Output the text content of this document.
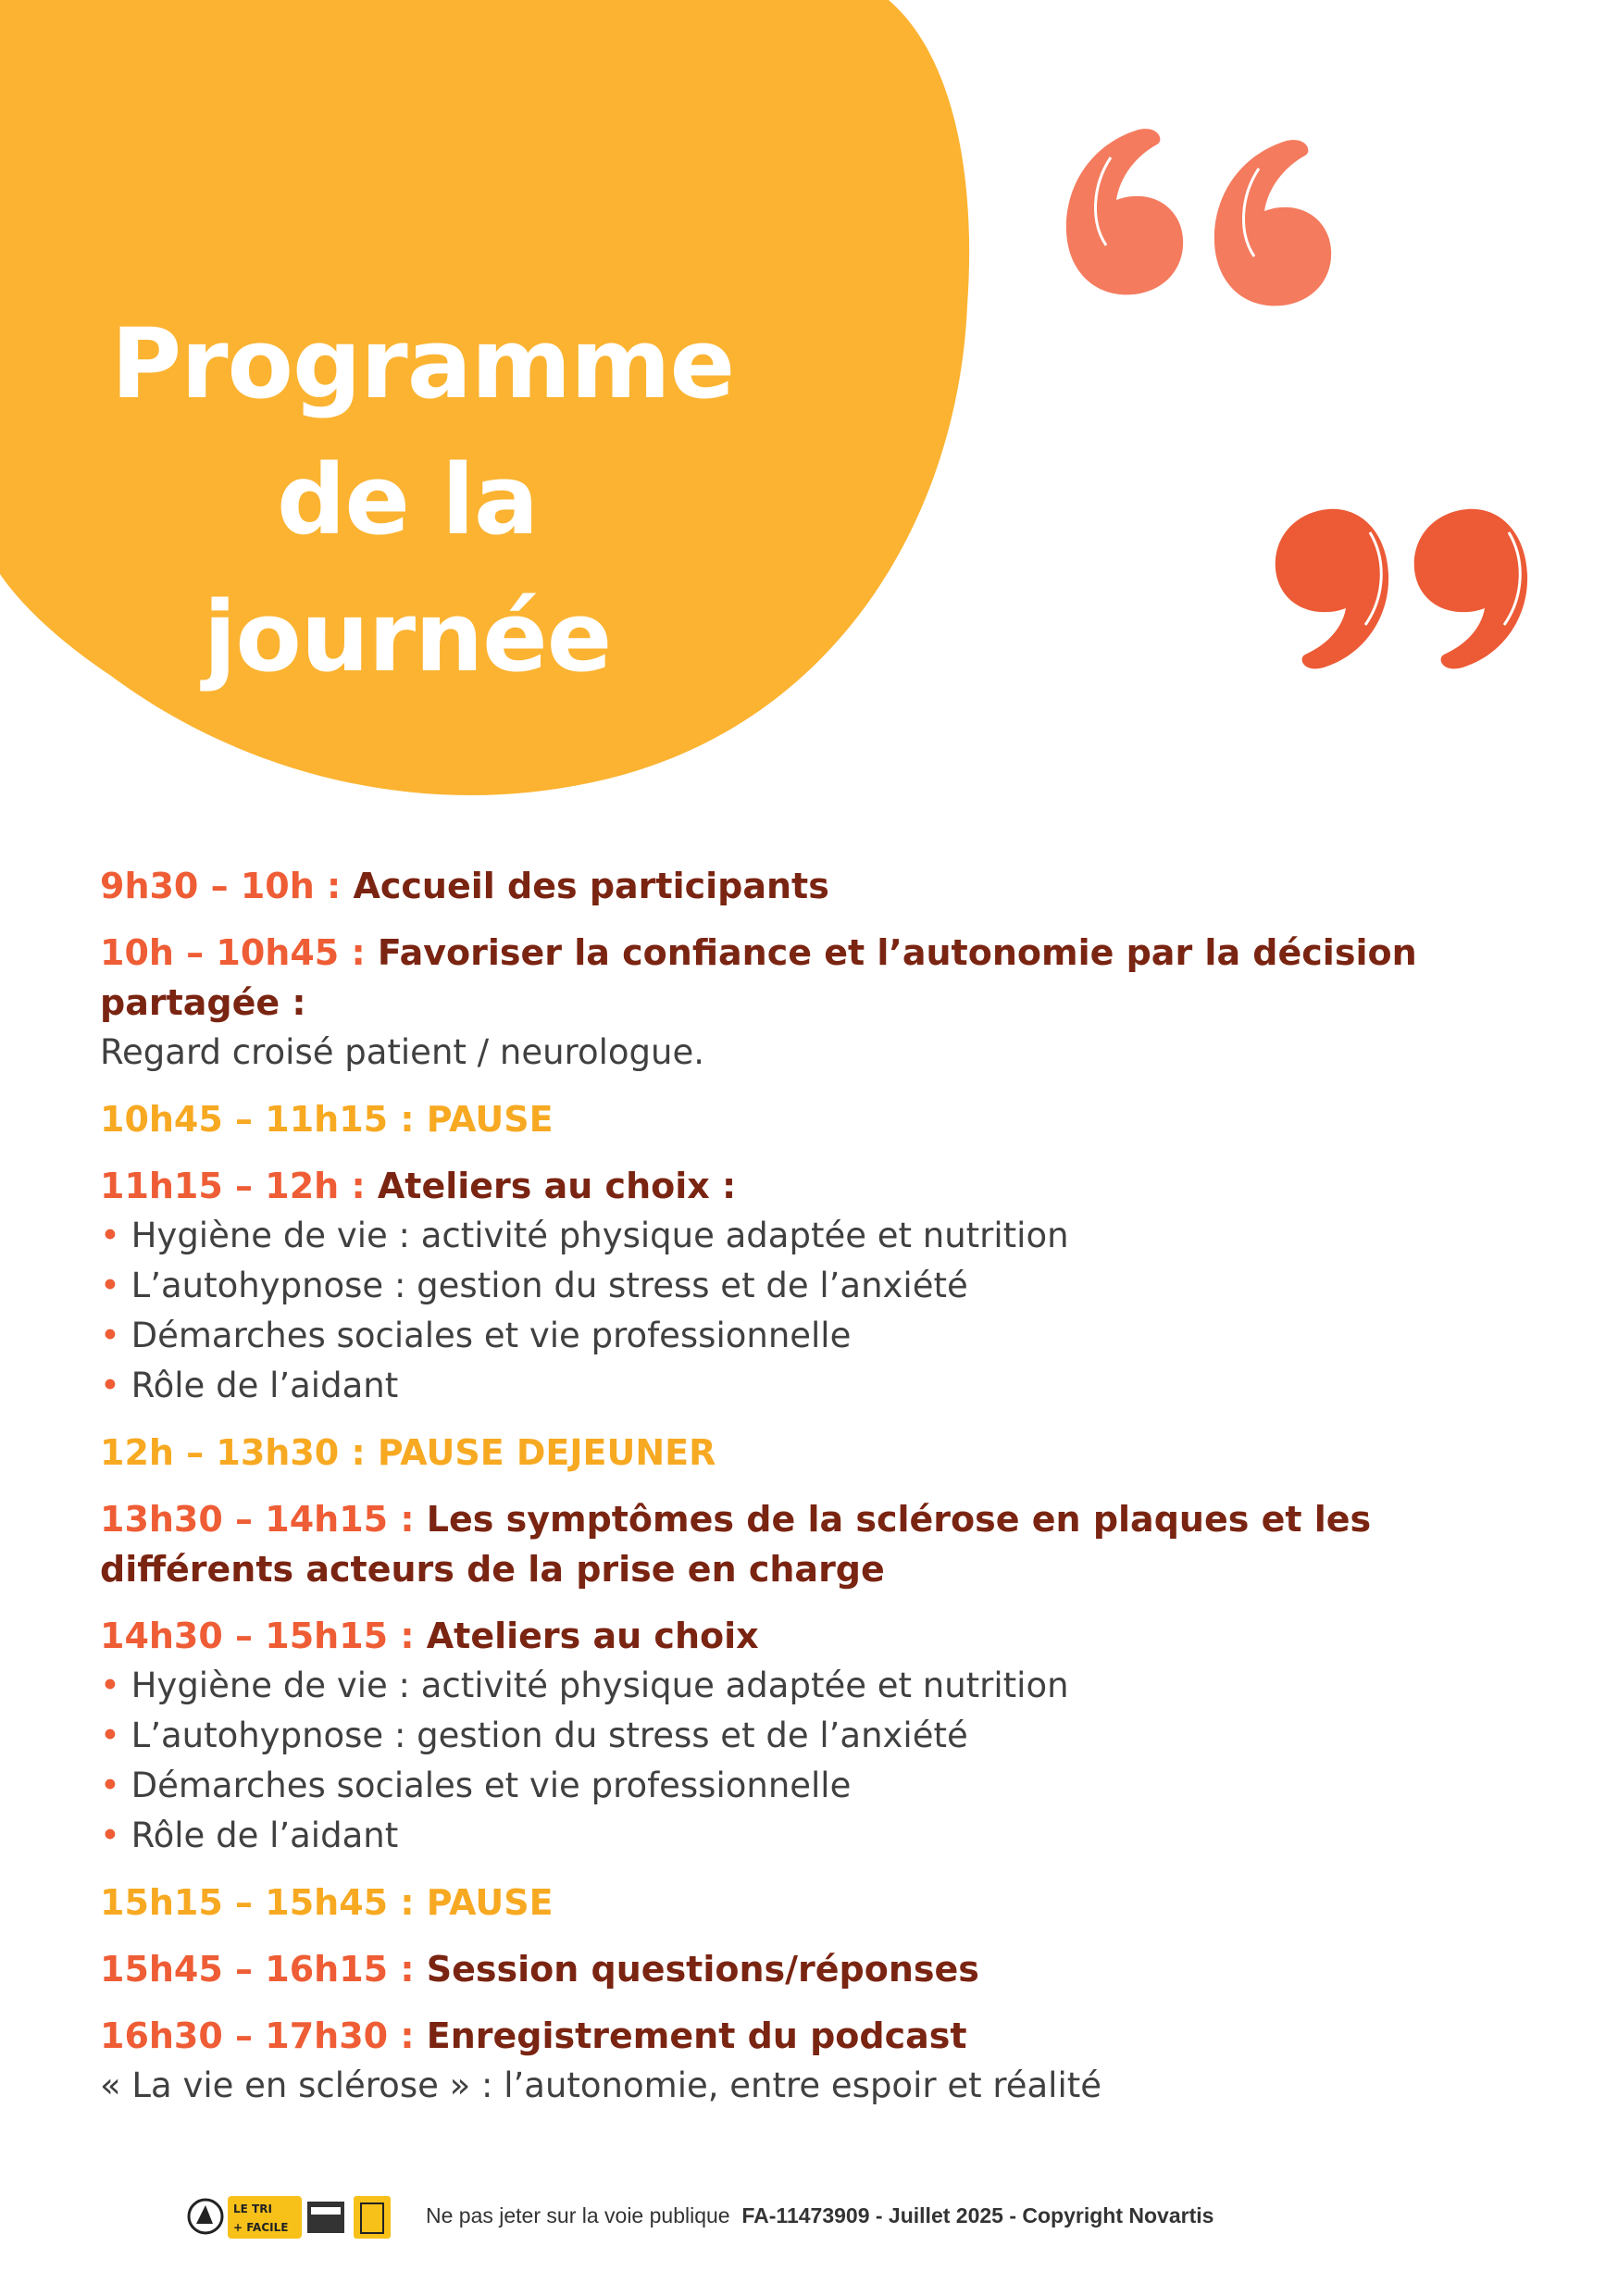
Programme
de la journée
9h30 – 10h : Accueil des participants
10h – 10h45 : Favoriser la confiance et l’autonomie par la décision partagée :
Regard croisé patient / neurologue.
10h45 – 11h15 : PAUSE
11h15 – 12h : Ateliers au choix :
• Hygiène de vie : activité physique adaptée et nutrition
• L’autohypnose : gestion du stress et de l’anxiété
• Démarches sociales et vie professionnelle
• Rôle de l’aidant
12h – 13h30 : PAUSE DEJEUNER
13h30 – 14h15 : Les symptômes de la sclérose en plaques et les différents acteurs de la prise en charge
14h30 – 15h15 : Ateliers au choix
• Hygiène de vie : activité physique adaptée et nutrition
• L’autohypnose : gestion du stress et de l’anxiété
• Démarches sociales et vie professionnelle
• Rôle de l’aidant
15h15 – 15h45 : PAUSE
15h45 – 16h15 : Session questions/réponses
16h30 – 17h30 : Enregistrement du podcast
« La vie en sclérose » : l’autonomie, entre espoir et réalité
LE TRI
+ FACILE	Ne pas jeter sur la voie publique FA-11473909 - Juillet 2025 - Copyright Novartis
